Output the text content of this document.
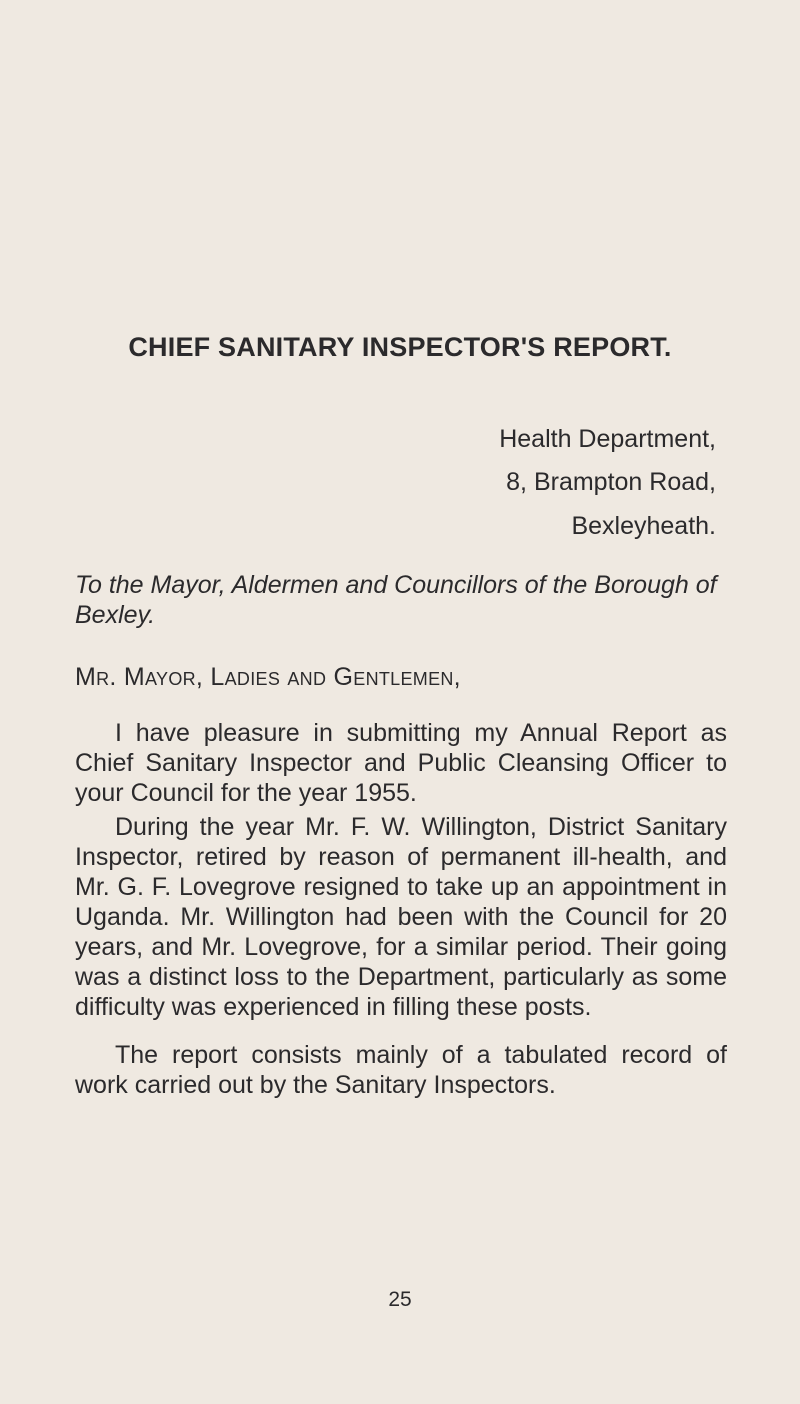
CHIEF SANITARY INSPECTOR'S REPORT.
Health Department,
8, Brampton Road,
Bexleyheath.
To the Mayor, Aldermen and Councillors of the Borough of Bexley.
Mr. Mayor, Ladies and Gentlemen,
I have pleasure in submitting my Annual Report as Chief Sanitary Inspector and Public Cleansing Officer to your Council for the year 1955.
During the year Mr. F. W. Willington, District Sanitary Inspector, retired by reason of permanent ill-health, and Mr. G. F. Lovegrove resigned to take up an appointment in Uganda. Mr. Willington had been with the Council for 20 years, and Mr. Lovegrove, for a similar period. Their going was a distinct loss to the Department, particularly as some difficulty was experienced in filling these posts.
The report consists mainly of a tabulated record of work carried out by the Sanitary Inspectors.
25
